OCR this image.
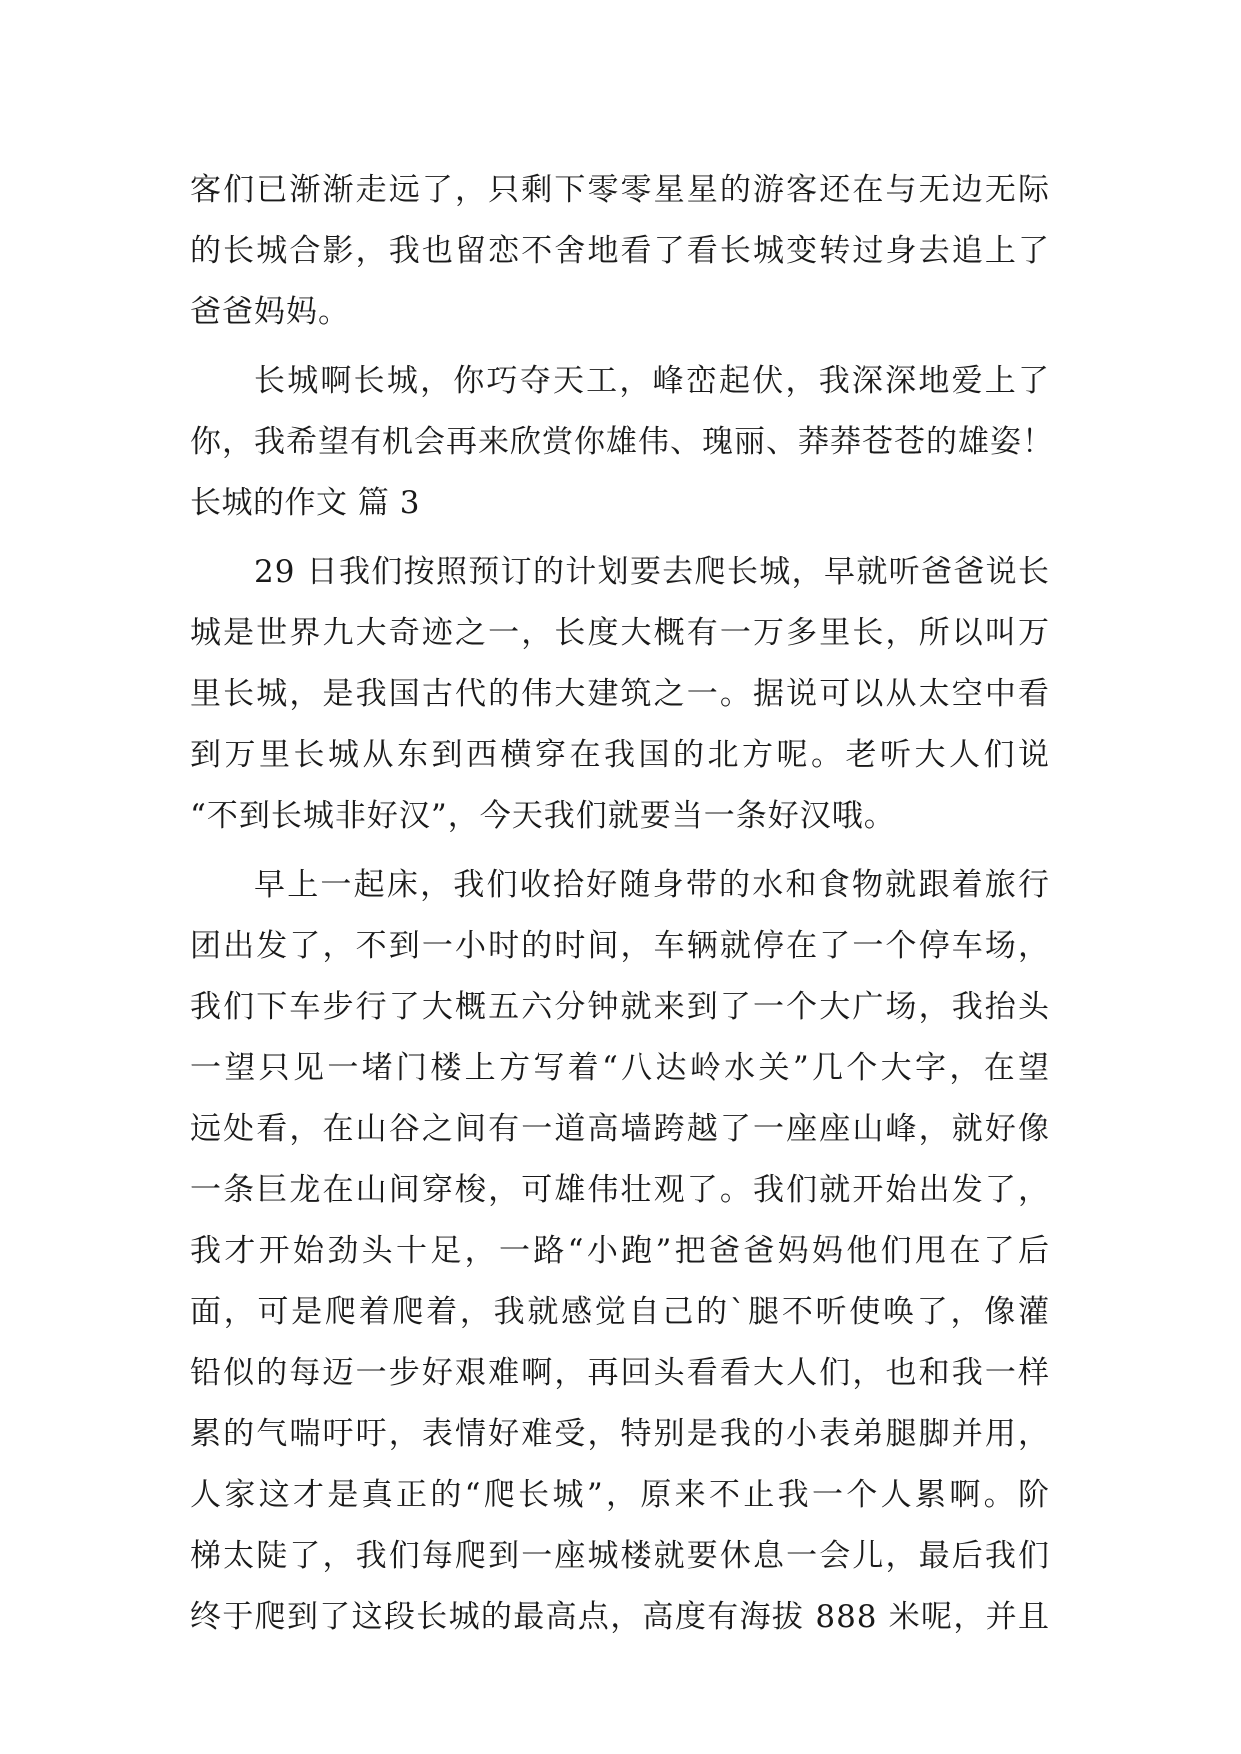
客们已渐渐走远了，只剩下零零星星的游客还在与无边无际
的长城合影，我也留恋不舍地看了看长城变转过身去追上了
爸爸妈妈。
长城啊长城，你巧夺天工，峰峦起伏，我深深地爱上了
你，我希望有机会再来欣赏你雄伟、瑰丽、莽莽苍苍的雄姿！
长城的作文 篇 3
29 日我们按照预订的计划要去爬长城，早就听爸爸说长
城是世界九大奇迹之一，长度大概有一万多里长，所以叫万
里长城，是我国古代的伟大建筑之一。据说可以从太空中看
到万里长城从东到西横穿在我国的北方呢。老听大人们说
“不到长城非好汉”，今天我们就要当一条好汉哦。
早上一起床，我们收拾好随身带的水和食物就跟着旅行
团出发了，不到一小时的时间，车辆就停在了一个停车场，
我们下车步行了大概五六分钟就来到了一个大广场，我抬头
一望只见一堵门楼上方写着“八达岭水关”几个大字，在望
远处看，在山谷之间有一道高墙跨越了一座座山峰，就好像
一条巨龙在山间穿梭，可雄伟壮观了。我们就开始出发了，
我才开始劲头十足，一路“小跑”把爸爸妈妈他们甩在了后
面，可是爬着爬着，我就感觉自己的`腿不听使唤了，像灌
铅似的每迈一步好艰难啊，再回头看看大人们，也和我一样
累的气喘吁吁，表情好难受，特别是我的小表弟腿脚并用，
人家这才是真正的“爬长城”，原来不止我一个人累啊。阶
梯太陡了，我们每爬到一座城楼就要休息一会儿，最后我们
终于爬到了这段长城的最高点，高度有海拔 888 米呢，并且
